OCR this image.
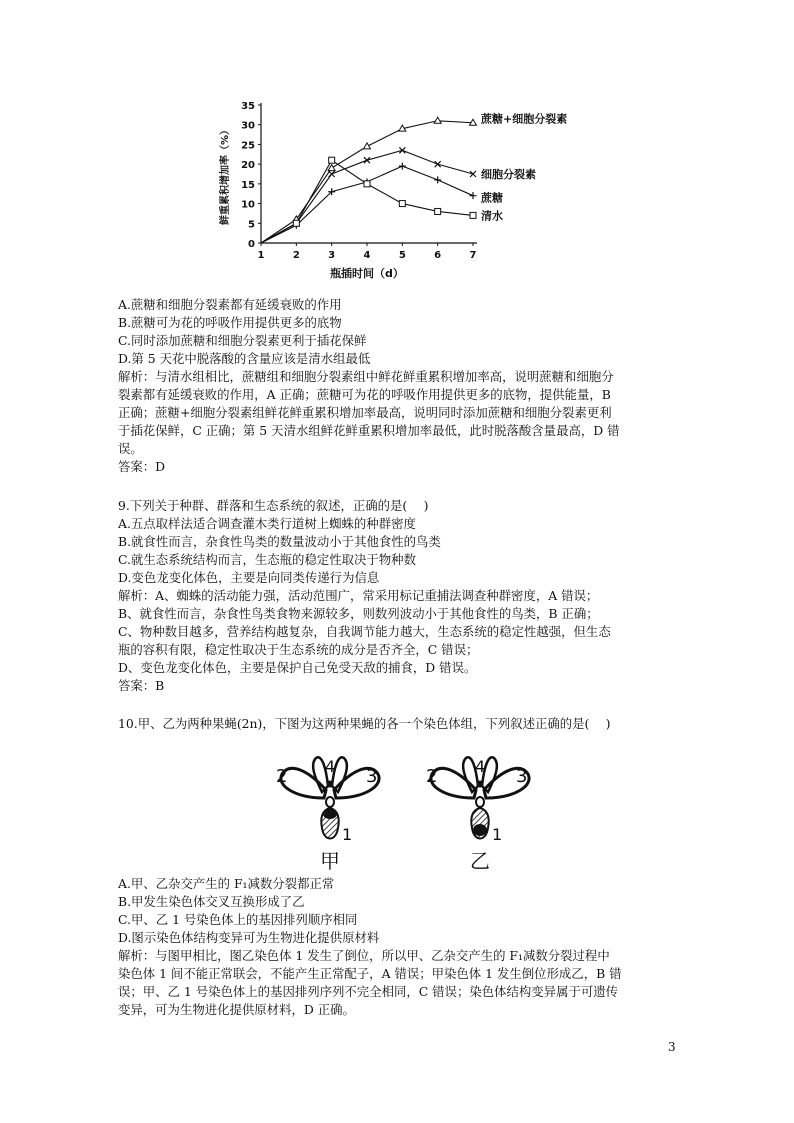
0
5
10
15
20
25
30
35
1	2	3	4	5	6	7
蔗糖+细胞分裂素
细胞分裂素
蔗糖
清水
瓶插时间（d）
鲜重累积增加率（%）
A.蔗糖和细胞分裂素都有延缓衰败的作用
B.蔗糖可为花的呼吸作用提供更多的底物
C.同时添加蔗糖和细胞分裂素更利于插花保鲜
D.第 5 天花中脱落酸的含量应该是清水组最低
解析：与清水组相比，蔗糖组和细胞分裂素组中鲜花鲜重累积增加率高，说明蔗糖和细胞分
裂素都有延缓衰败的作用，A 正确；蔗糖可为花的呼吸作用提供更多的底物，提供能量，B
正确；蔗糖+细胞分裂素组鲜花鲜重累积增加率最高，说明同时添加蔗糖和细胞分裂素更利
于插花保鲜，C 正确；第 5 天清水组鲜花鲜重累积增加率最低，此时脱落酸含量最高，D 错
误。
答案：D
9.下列关于种群、群落和生态系统的叙述，正确的是(　 )
A.五点取样法适合调查灌木类行道树上蜘蛛的种群密度
B.就食性而言，杂食性鸟类的数量波动小于其他食性的鸟类
C.就生态系统结构而言，生态瓶的稳定性取决于物种数
D.变色龙变化体色，主要是向同类传递行为信息
解析：A、蜘蛛的活动能力强，活动范围广，常采用标记重捕法调查种群密度，A 错误；
B、就食性而言，杂食性鸟类食物来源较多，则数列波动小于其他食性的鸟类，B 正确；
C、物种数目越多，营养结构越复杂，自我调节能力越大，生态系统的稳定性越强，但生态
瓶的容积有限，稳定性取决于生态系统的成分是否齐全，C 错误；
D、变色龙变化体色，主要是保护自己免受天敌的捕食，D 错误。
答案：B
10.甲、乙为两种果蝇(2n)，下图为这两种果蝇的各一个染色体组，下列叙述正确的是(　 )
2 4 3
1
甲
2 4 3
1
乙
A.甲、乙杂交产生的 F₁减数分裂都正常
B.甲发生染色体交叉互换形成了乙
C.甲、乙 1 号染色体上的基因排列顺序相同
D.图示染色体结构变异可为生物进化提供原材料
解析：与图甲相比，图乙染色体 1 发生了倒位，所以甲、乙杂交产生的 F₁减数分裂过程中
染色体 1 间不能正常联会，不能产生正常配子，A 错误；甲染色体 1 发生倒位形成乙，B 错
误；甲、乙 1 号染色体上的基因排列序列不完全相同，C 错误；染色体结构变异属于可遗传
变异，可为生物进化提供原材料，D 正确。
3
